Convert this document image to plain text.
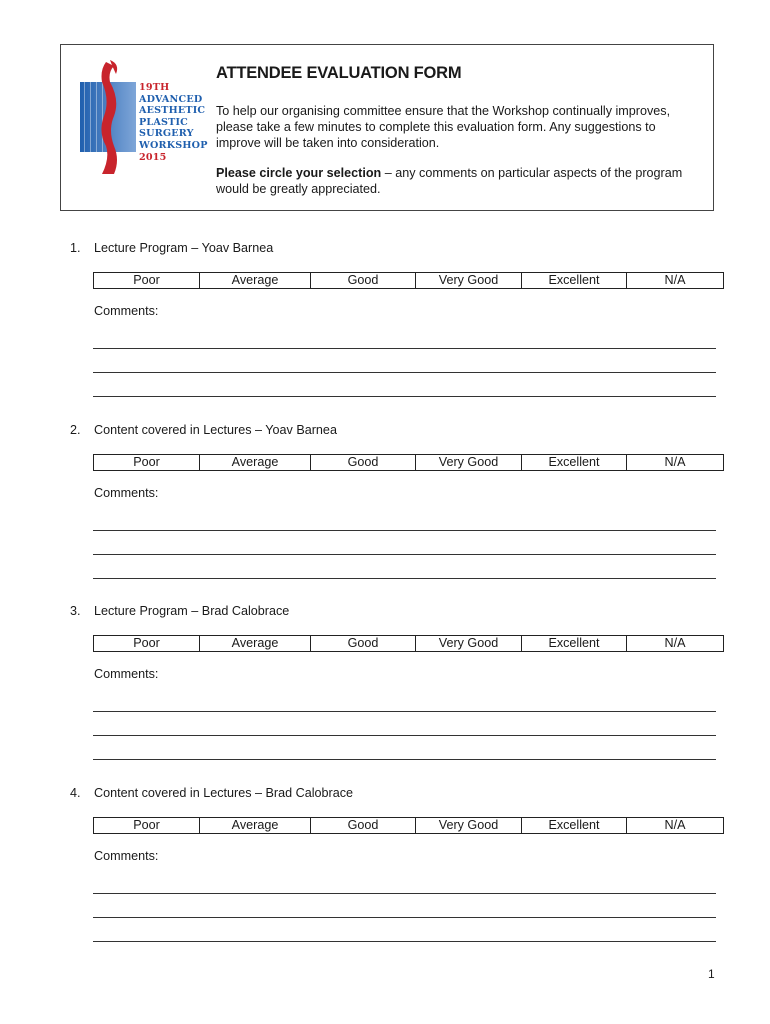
19TH
ADVANCED
AESTHETIC
PLASTIC
SURGERY
WORKSHOP
2015
ATTENDEE EVALUATION FORM
To help our organising committee ensure that the Workshop continually improves, please take a few minutes to complete this evaluation form. Any suggestions to improve will be taken into consideration.
Please circle your selection – any comments on particular aspects of the program would be greatly appreciated.
1. Lecture Program – Yoav Barnea
Poor	Average	Good	Very Good	Excellent	N/A
Comments:
2. Content covered in Lectures – Yoav Barnea
Poor	Average	Good	Very Good	Excellent	N/A
Comments:
3. Lecture Program – Brad Calobrace
Poor	Average	Good	Very Good	Excellent	N/A
Comments:
4. Content covered in Lectures – Brad Calobrace
Poor	Average	Good	Very Good	Excellent	N/A
Comments:
1
